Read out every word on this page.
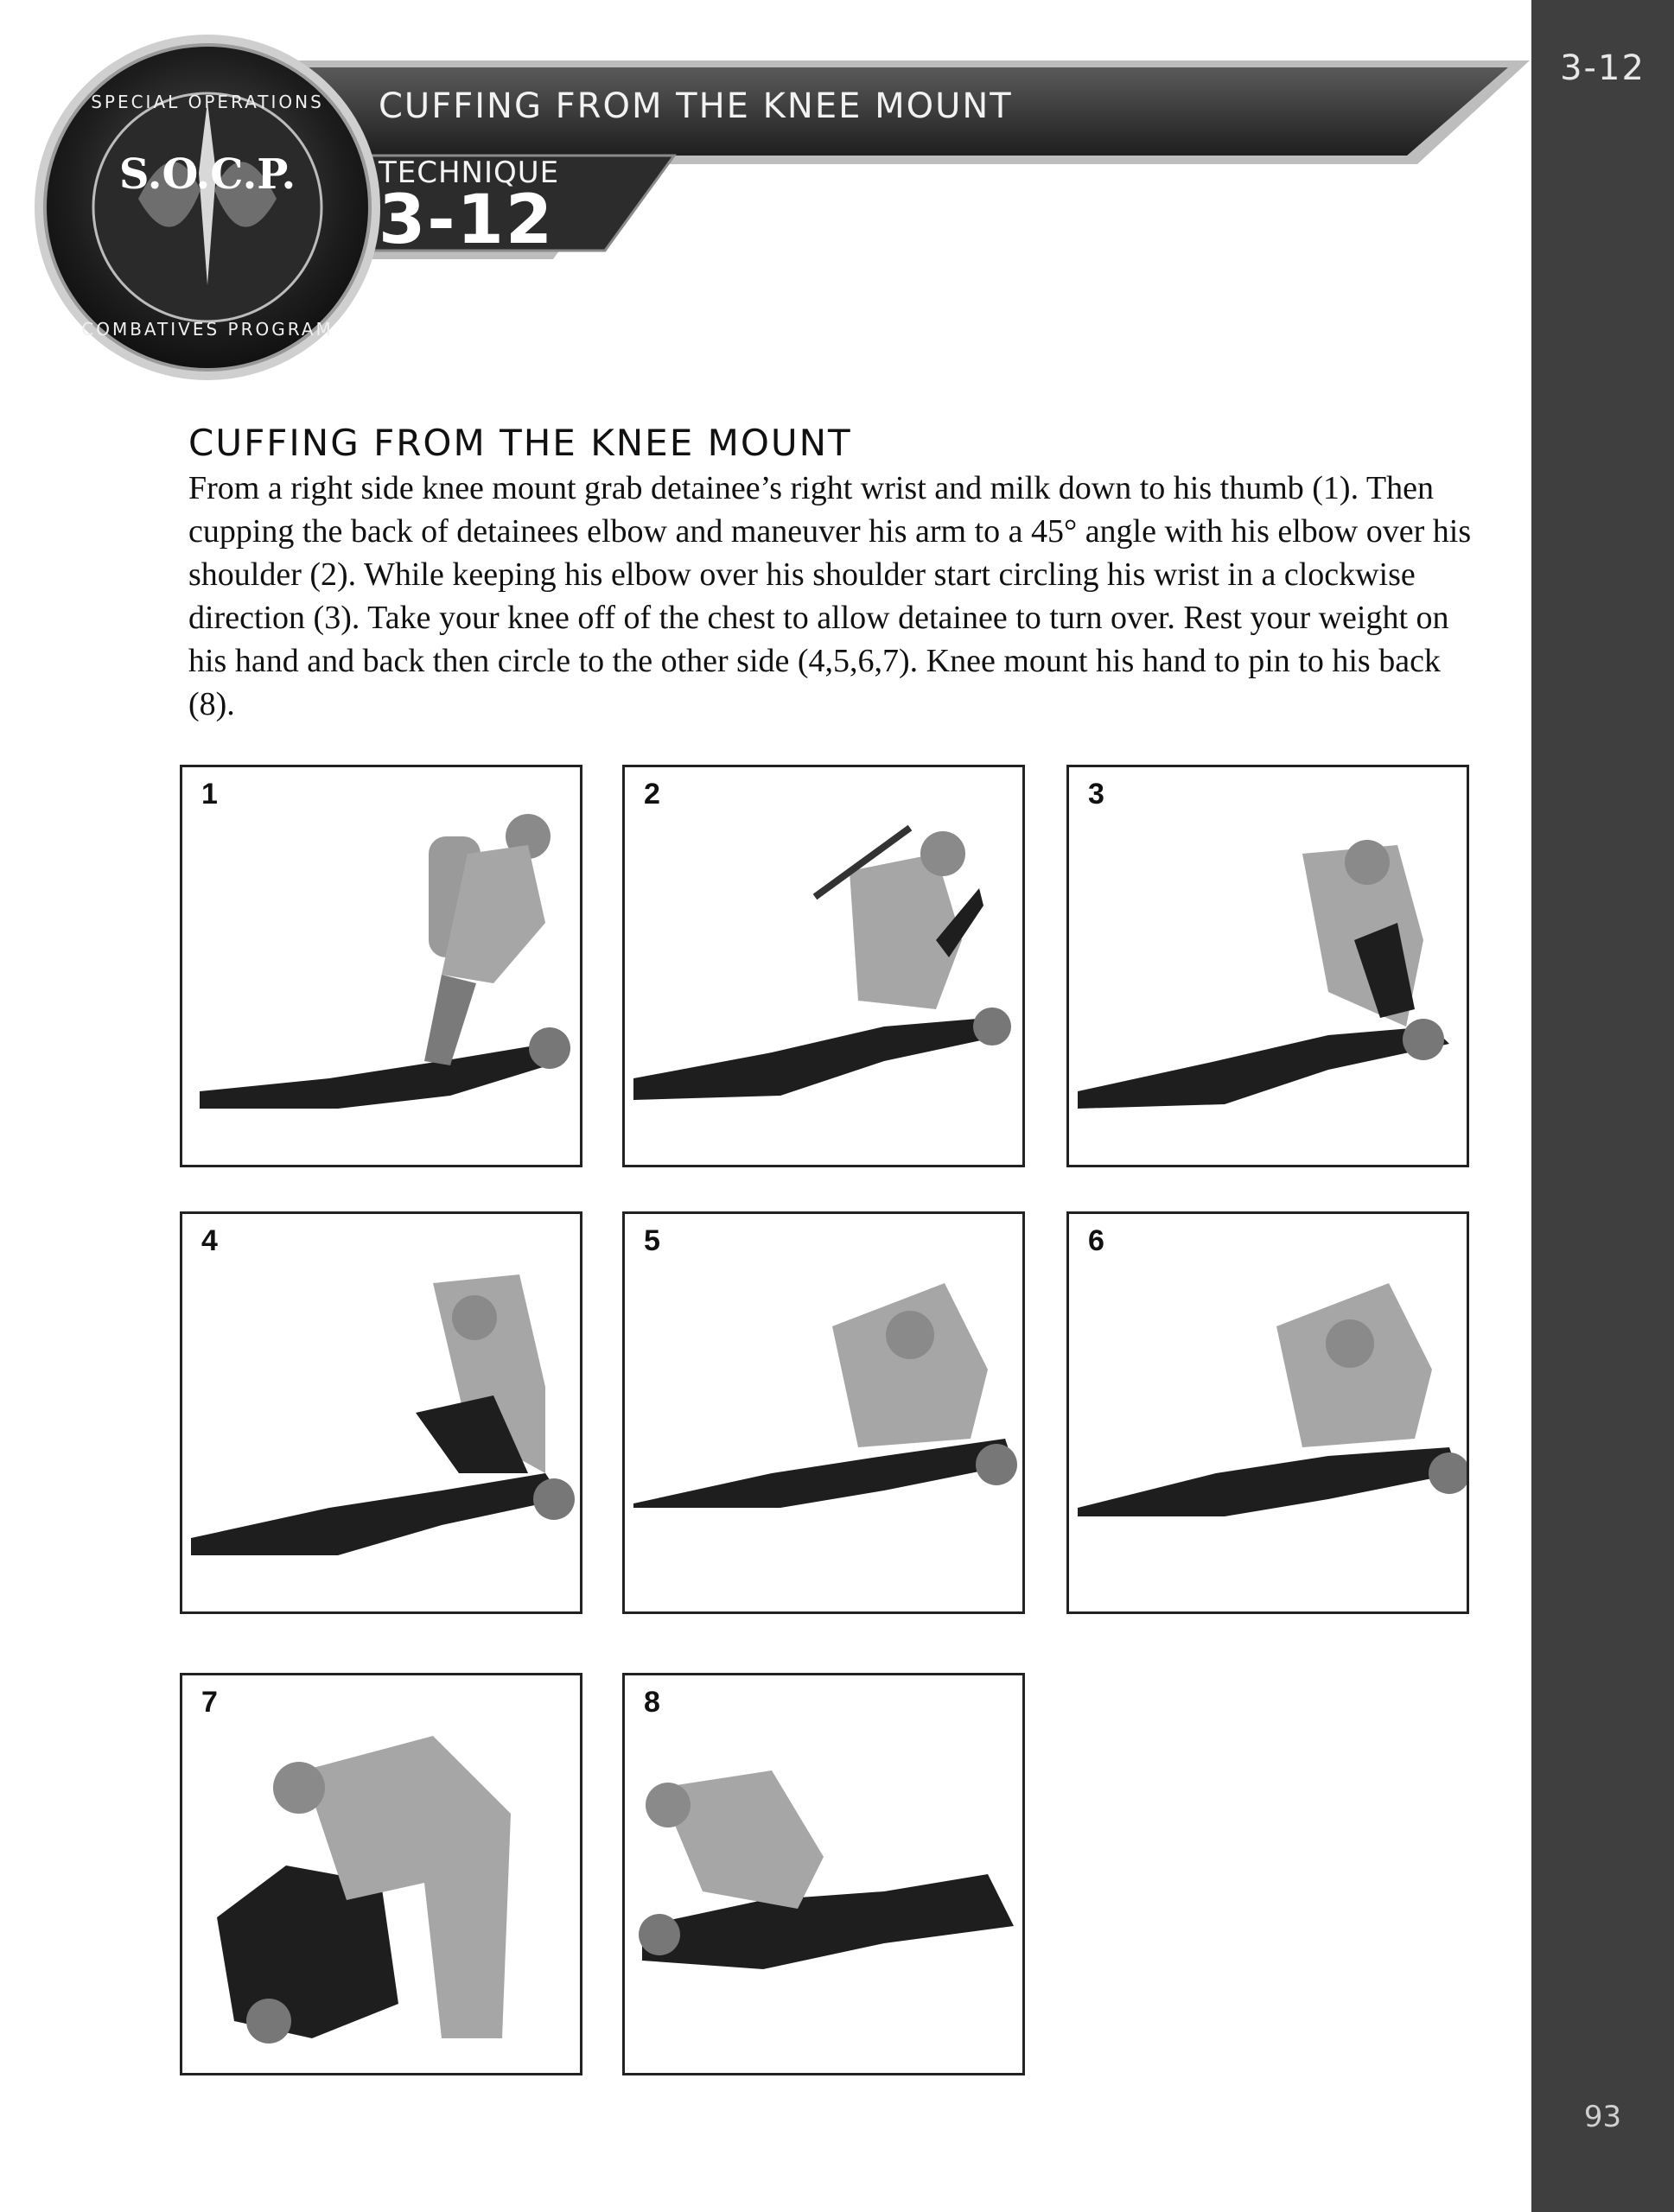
SPECIAL OPERATIONS
S.O.C.P.
COMBATIVES PROGRAM
CUFFING FROM THE KNEE MOUNT
TECHNIQUE
3-12
3-12
93
CUFFING FROM THE KNEE MOUNT
From a right side knee mount grab detainee’s right wrist and milk down to his thumb (1). Then cupping the back of detainees elbow and maneuver his arm to a 45° angle with his elbow over his shoulder (2). While keeping his elbow over his shoulder start circling his wrist in a clockwise direction (3). Take your knee off of the chest to allow detainee to turn over. Rest your weight on his hand and back then circle to the other side (4,5,6,7). Knee mount his hand to pin to his back (8).
1	2	3
4	5	6
7	8
